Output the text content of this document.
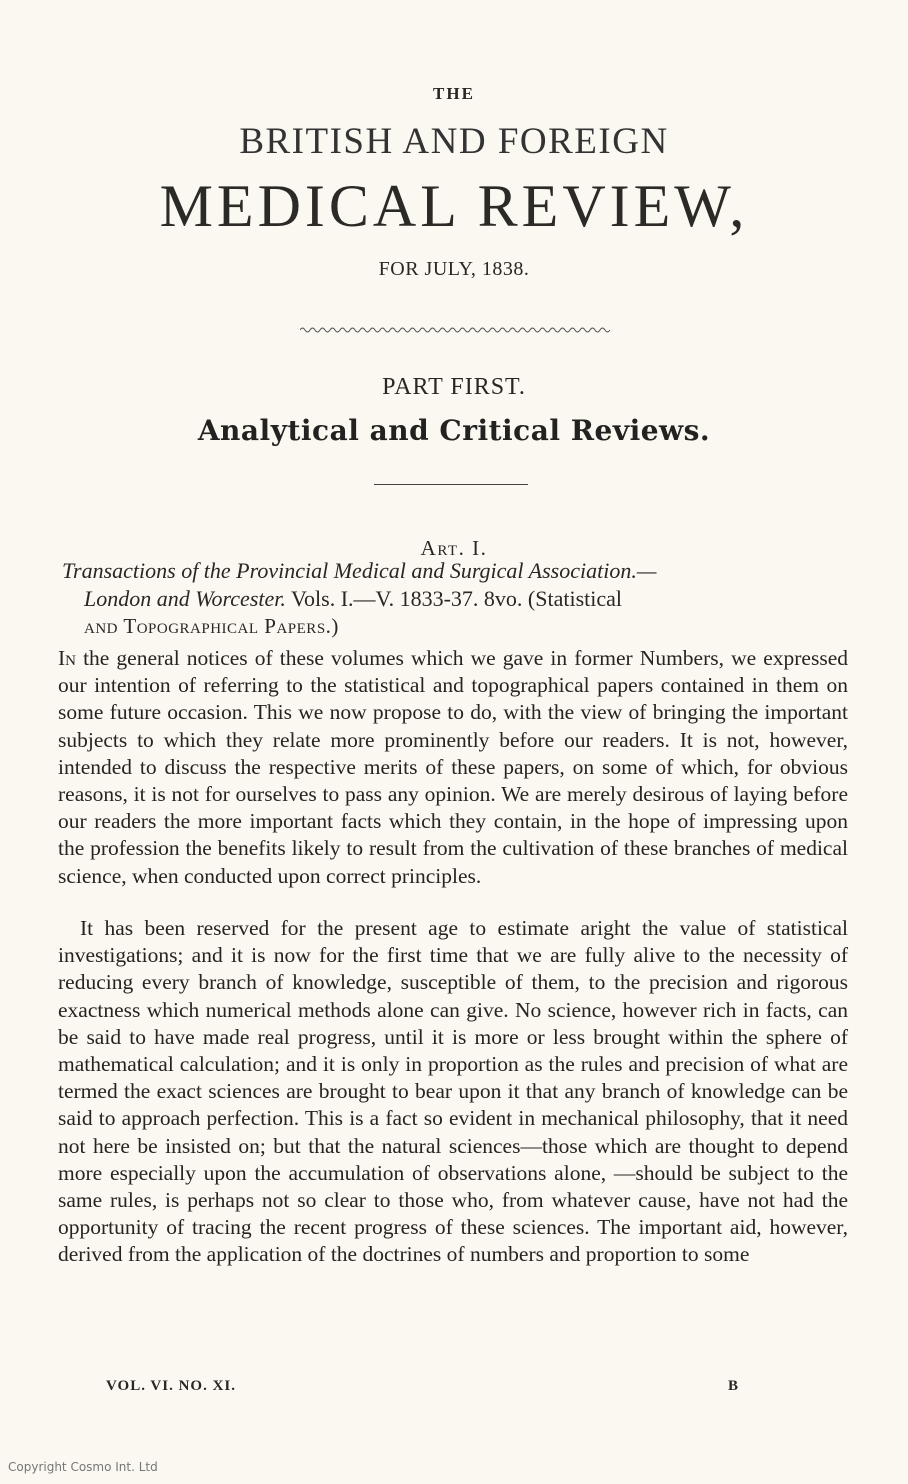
THE
BRITISH AND FOREIGN
MEDICAL REVIEW,
FOR JULY, 1838.
PART FIRST.
Analytical and Critical Reviews.
Art. I.
Transactions of the Provincial Medical and Surgical Association.—
London and Worcester. Vols. I.—V. 1833-37. 8vo. (Statistical
and Topographical Papers.)
In the general notices of these volumes which we gave in former Numbers, we expressed our intention of referring to the statistical and topographical papers contained in them on some future occasion. This we now propose to do, with the view of bringing the important subjects to which they relate more prominently before our readers. It is not, however, intended to discuss the respective merits of these papers, on some of which, for obvious reasons, it is not for ourselves to pass any opinion. We are merely desirous of laying before our readers the more important facts which they contain, in the hope of impressing upon the profession the benefits likely to result from the cultivation of these branches of medical science, when conducted upon correct principles.
It has been reserved for the present age to estimate aright the value of statistical investigations; and it is now for the first time that we are fully alive to the necessity of reducing every branch of knowledge, susceptible of them, to the precision and rigorous exactness which numerical methods alone can give. No science, however rich in facts, can be said to have made real progress, until it is more or less brought within the sphere of mathematical calculation; and it is only in proportion as the rules and precision of what are termed the exact sciences are brought to bear upon it that any branch of knowledge can be said to approach perfection. This is a fact so evident in mechanical philosophy, that it need not here be insisted on; but that the natural sciences—those which are thought to depend more especially upon the accumulation of observations alone, —should be subject to the same rules, is perhaps not so clear to those who, from whatever cause, have not had the opportunity of tracing the recent progress of these sciences. The important aid, however, derived from the application of the doctrines of numbers and proportion to some
VOL. VI. NO. XI.	B
Copyright Cosmo Int. Ltd
